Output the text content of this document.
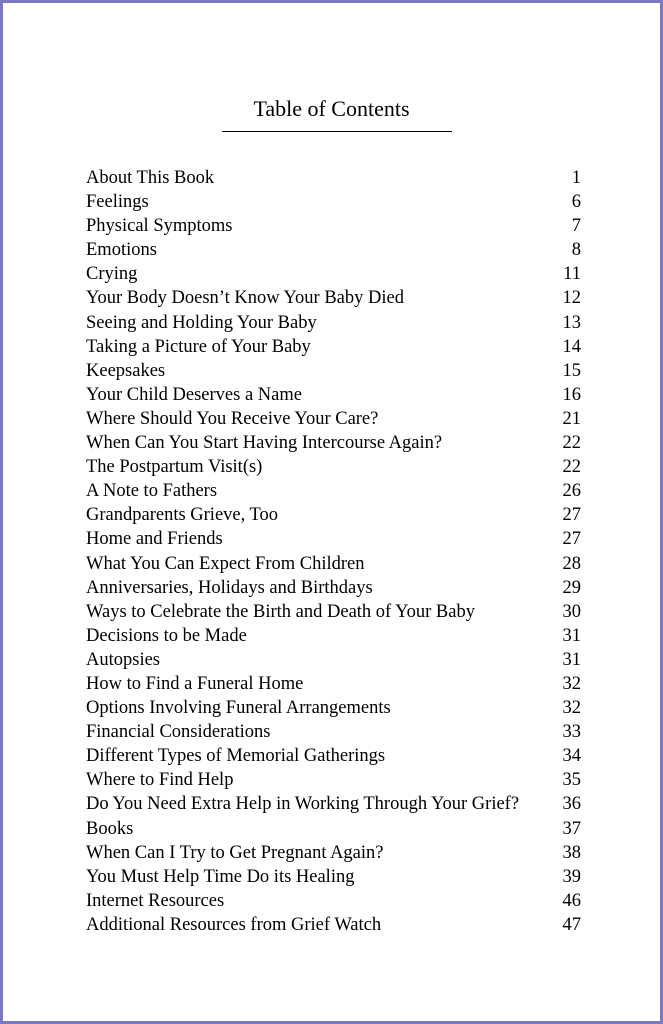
Table of Contents
About This Book	1
Feelings	6
Physical Symptoms	7
Emotions	8
Crying	11
Your Body Doesn’t Know Your Baby Died	12
Seeing and Holding Your Baby	13
Taking a Picture of Your Baby	14
Keepsakes	15
Your Child Deserves a Name	16
Where Should You Receive Your Care?	21
When Can You Start Having Intercourse Again?	22
The Postpartum Visit(s)	22
A Note to Fathers	26
Grandparents Grieve, Too	27
Home and Friends	27
What You Can Expect From Children	28
Anniversaries, Holidays and Birthdays	29
Ways to Celebrate the Birth and Death of Your Baby	30
Decisions to be Made	31
Autopsies	31
How to Find a Funeral Home	32
Options Involving Funeral Arrangements	32
Financial Considerations	33
Different Types of Memorial Gatherings	34
Where to Find Help	35
Do You Need Extra Help in Working Through Your Grief? 36
Books	37
When Can I Try to Get Pregnant Again?	38
You Must Help Time Do its Healing	39
Internet Resources	46
Additional Resources from Grief Watch	47
